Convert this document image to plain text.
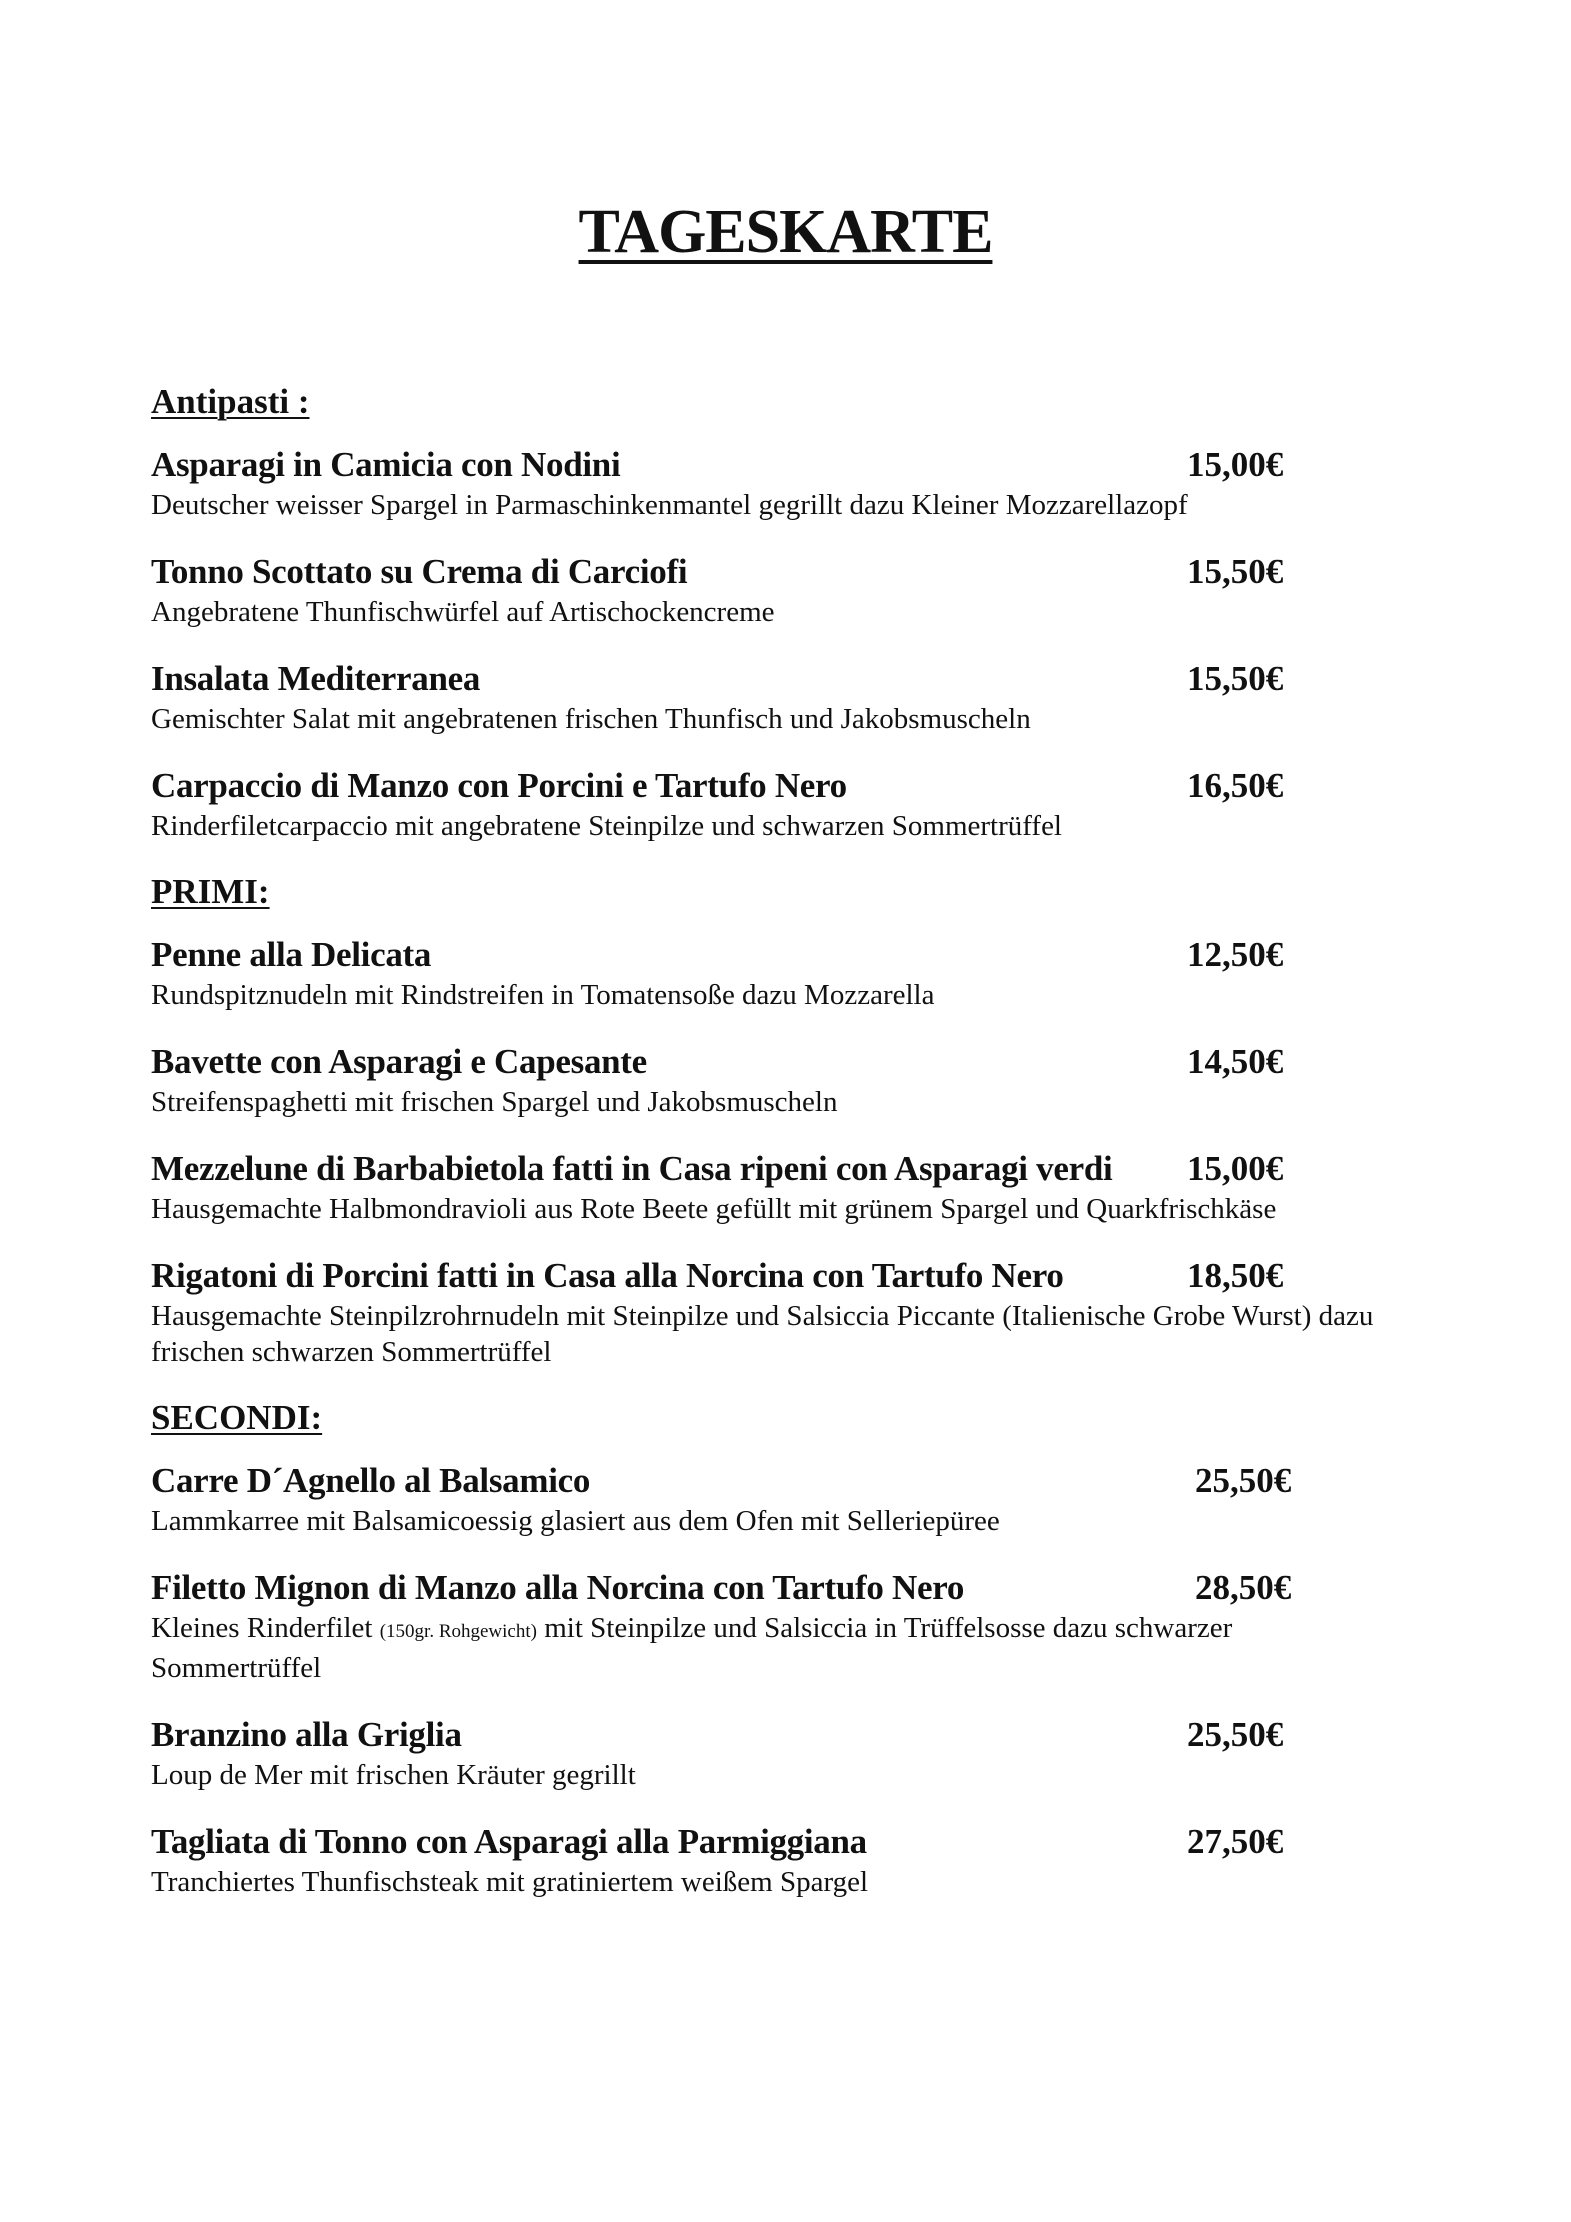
TAGESKARTE
Antipasti :
Asparagi in Camicia con Nodini	15,00€
Deutscher weisser Spargel in Parmaschinkenmantel gegrillt dazu Kleiner Mozzarellazopf
Tonno Scottato su Crema di Carciofi	15,50€
Angebratene Thunfischwürfel auf Artischockencreme
Insalata Mediterranea	15,50€
Gemischter Salat mit angebratenen frischen Thunfisch und Jakobsmuscheln
Carpaccio di Manzo con Porcini e Tartufo Nero	16,50€
Rinderfiletcarpaccio mit angebratene Steinpilze und schwarzen Sommertrüffel
PRIMI:
Penne alla Delicata	12,50€
Rundspitznudeln mit Rindstreifen in Tomatensoße dazu Mozzarella
Bavette con Asparagi e Capesante	14,50€
Streifenspaghetti mit frischen Spargel und Jakobsmuscheln
Mezzelune di Barbabietola fatti in Casa ripeni con Asparagi verdi 15,00€
Hausgemachte Halbmondravioli aus Rote Beete gefüllt mit grünem Spargel und Quarkfrischkäse
Rigatoni di Porcini fatti in Casa alla Norcina con Tartufo Nero	18,50€
Hausgemachte Steinpilzrohrnudeln mit Steinpilze und Salsiccia Piccante (Italienische Grobe Wurst) dazu frischen schwarzen Sommertrüffel
SECONDI:
Carre D´Agnello al Balsamico	25,50€
Lammkarree mit Balsamicoessig glasiert aus dem Ofen mit Selleriepüree
Filetto Mignon di Manzo alla Norcina con Tartufo Nero	28,50€
Kleines Rinderfilet (150gr. Rohgewicht) mit Steinpilze und Salsiccia in Trüffelsosse dazu schwarzer Sommertrüffel
Branzino alla Griglia	25,50€
Loup de Mer mit frischen Kräuter gegrillt
Tagliata di Tonno con Asparagi alla Parmiggiana	27,50€
Tranchiertes Thunfischsteak mit gratiniertem weißem Spargel
